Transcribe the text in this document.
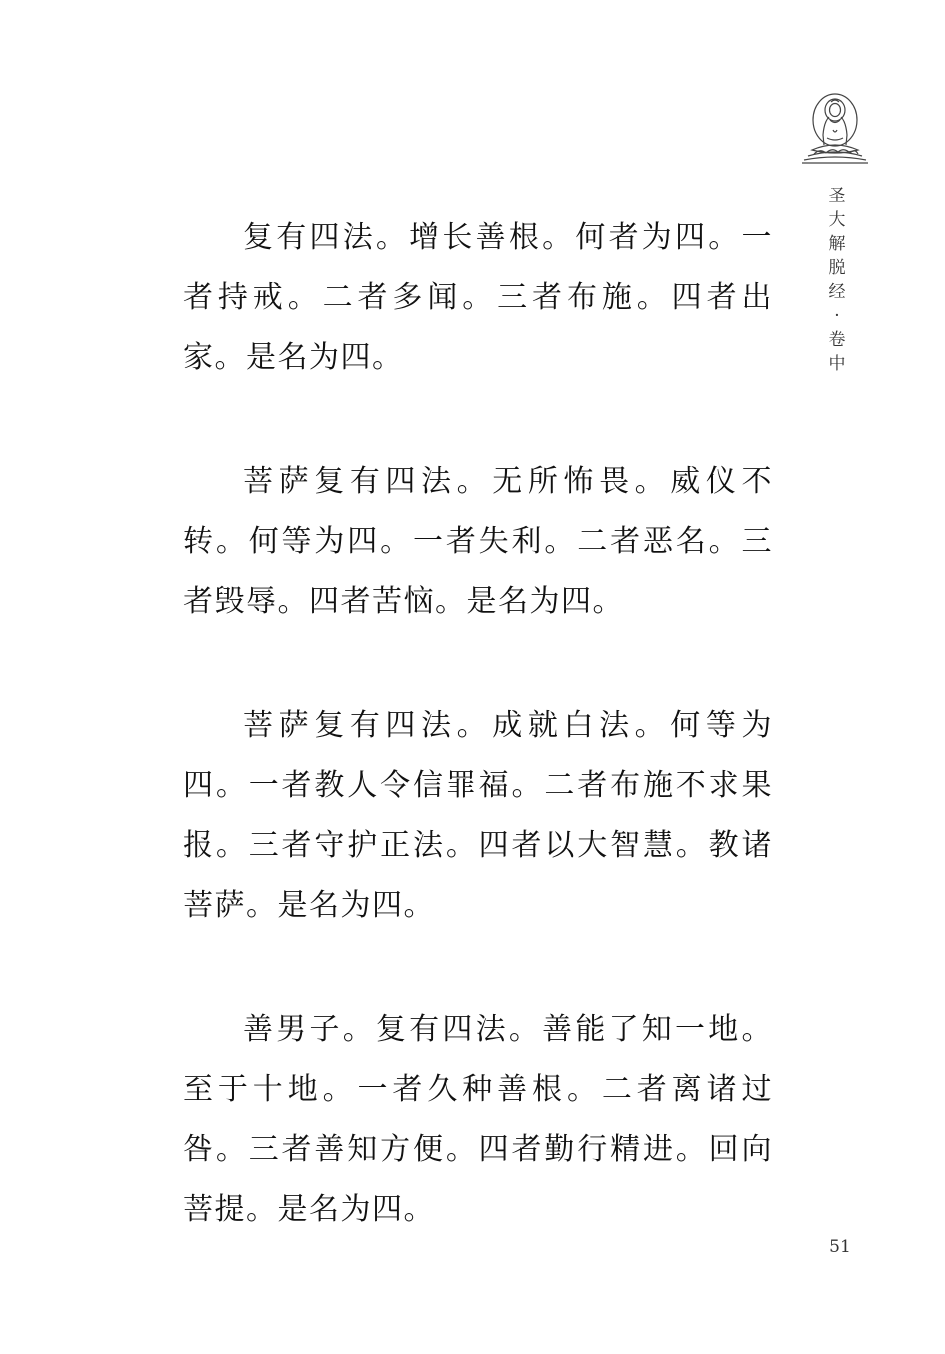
圣
大
解
脱
经
·
卷
中

复有四法。增长善根。何者为四。一者持戒。二者多闻。三者布施。四者出家。是名为四。

菩萨复有四法。无所怖畏。威仪不转。何等为四。一者失利。二者恶名。三者毁辱。四者苦恼。是名为四。

菩萨复有四法。成就白法。何等为四。一者教人令信罪福。二者布施不求果报。三者守护正法。四者以大智慧。教诸菩萨。是名为四。

善男子。复有四法。善能了知一地。至于十地。一者久种善根。二者离诸过咎。三者善知方便。四者勤行精进。回向菩提。是名为四。

51
